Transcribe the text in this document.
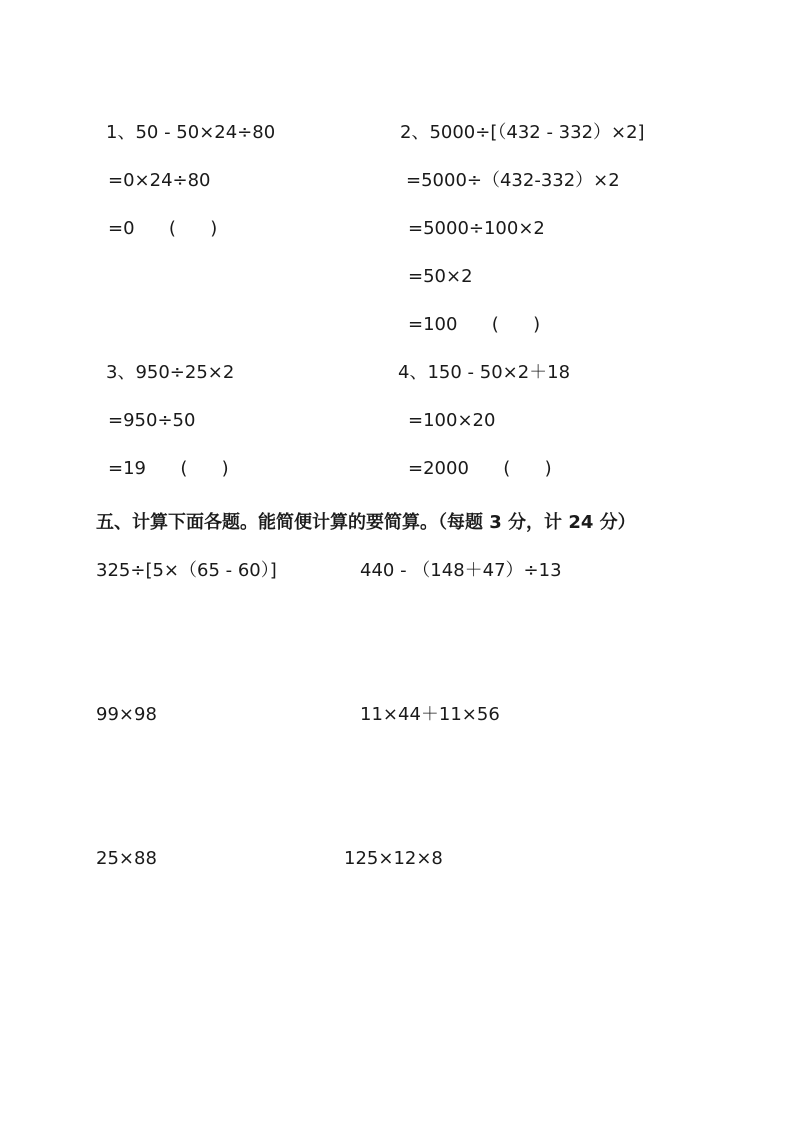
1、50 - 50×24÷80
=0×24÷80
=0      (      )
2、5000÷[（432 - 332）×2]
=5000÷（432-332）×2
=5000÷100×2
=50×2
=100      (      )
3、950÷25×2
=950÷50
=19      (      )
4、150 - 50×2＋18
=100×20
=2000      (      )
五、计算下面各题。能简便计算的要简算。（每题 3 分，计 24 分）
325÷[5×（65 - 60）]	440 - （148＋47）÷13
99×98	11×44＋11×56
25×88	125×12×8
